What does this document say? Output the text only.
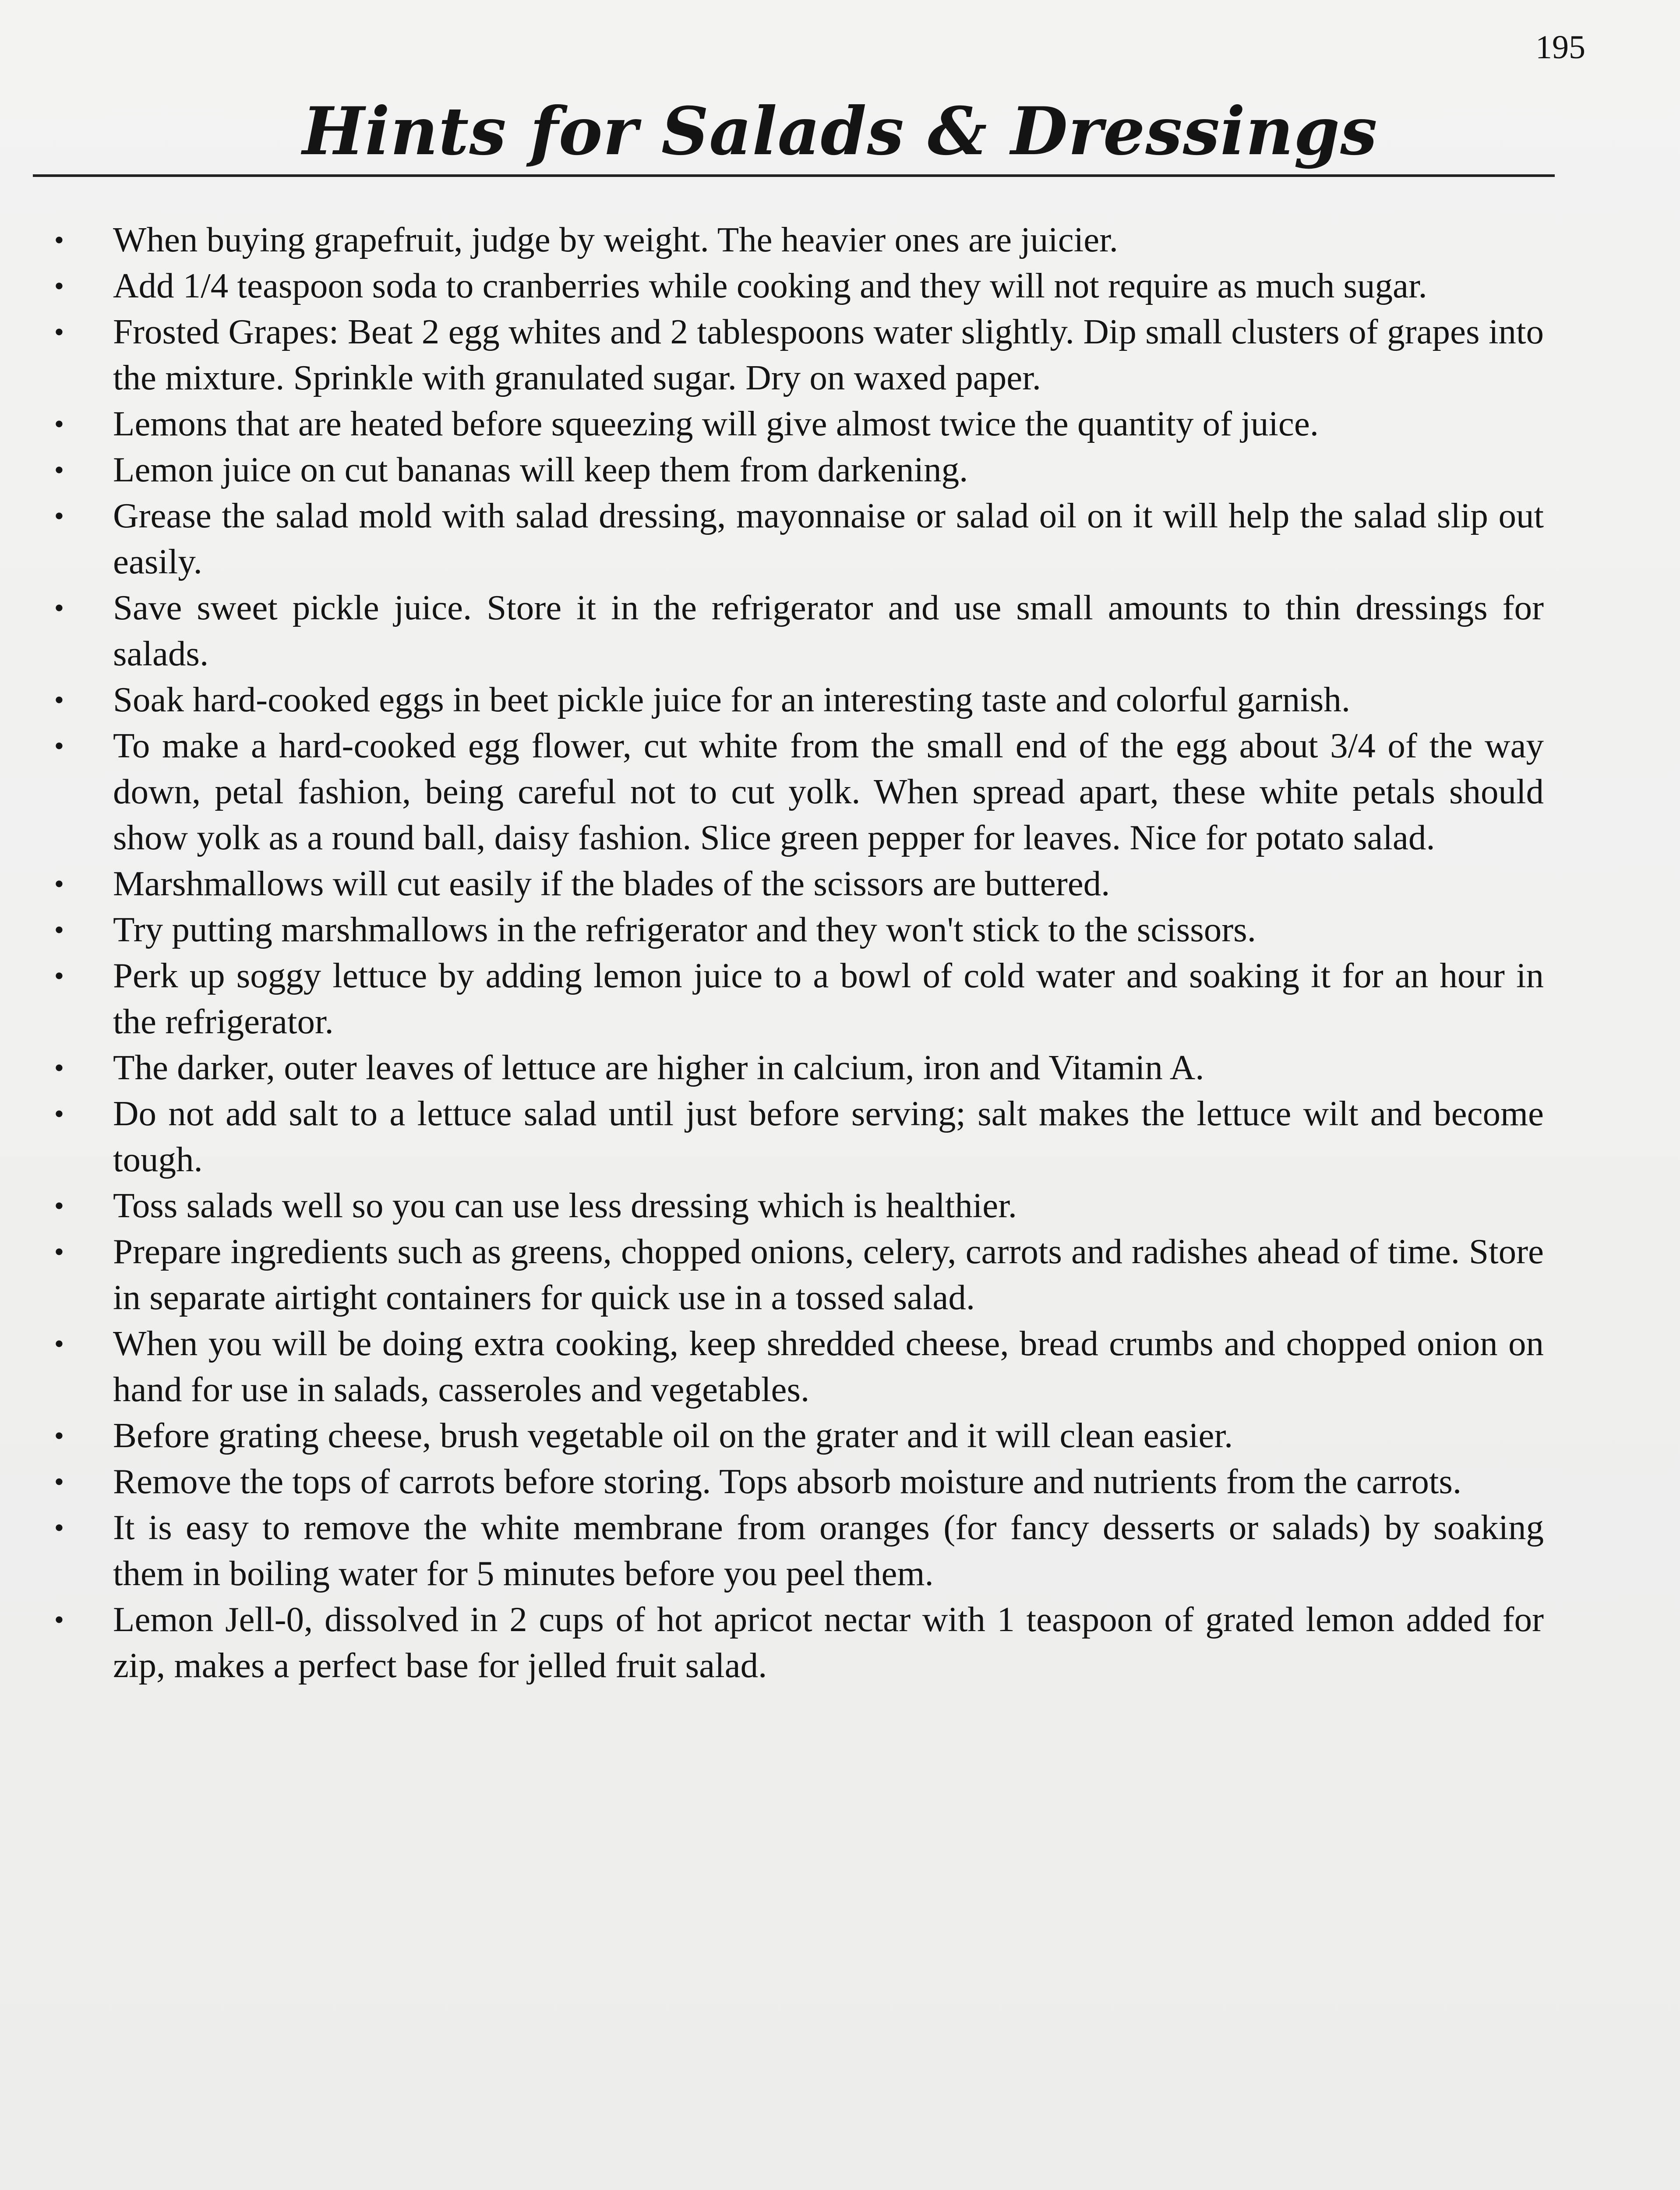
195
Hints for Salads & Dressings
• When buying grapefruit, judge by weight. The heavier ones are juicier.
• Add 1/4 teaspoon soda to cranberries while cooking and they will not require as much sugar.
• Frosted Grapes: Beat 2 egg whites and 2 tablespoons water slightly. Dip small clusters of grapes into the mixture. Sprinkle with granulated sugar. Dry on waxed paper.
• Lemons that are heated before squeezing will give almost twice the quantity of juice.
• Lemon juice on cut bananas will keep them from darkening.
• Grease the salad mold with salad dressing, mayonnaise or salad oil on it will help the salad slip out easily.
• Save sweet pickle juice. Store it in the refrigerator and use small amounts to thin dressings for salads.
• Soak hard-cooked eggs in beet pickle juice for an interesting taste and colorful garnish.
• To make a hard-cooked egg flower, cut white from the small end of the egg about 3/4 of the way down, petal fashion, being careful not to cut yolk. When spread apart, these white petals should show yolk as a round ball, daisy fashion. Slice green pepper for leaves. Nice for potato salad.
• Marshmallows will cut easily if the blades of the scissors are buttered.
• Try putting marshmallows in the refrigerator and they won't stick to the scissors.
• Perk up soggy lettuce by adding lemon juice to a bowl of cold water and soaking it for an hour in the refrigerator.
• The darker, outer leaves of lettuce are higher in calcium, iron and Vitamin A.
• Do not add salt to a lettuce salad until just before serving; salt makes the lettuce wilt and become tough.
• Toss salads well so you can use less dressing which is healthier.
• Prepare ingredients such as greens, chopped onions, celery, carrots and radishes ahead of time. Store in separate airtight containers for quick use in a tossed salad.
• When you will be doing extra cooking, keep shredded cheese, bread crumbs and chopped onion on hand for use in salads, casseroles and vegetables.
• Before grating cheese, brush vegetable oil on the grater and it will clean easier.
• Remove the tops of carrots before storing. Tops absorb moisture and nutrients from the carrots.
• It is easy to remove the white membrane from oranges (for fancy desserts or salads) by soaking them in boiling water for 5 minutes before you peel them.
• Lemon Jell-0, dissolved in 2 cups of hot apricot nectar with 1 teaspoon of grated lemon added for zip, makes a perfect base for jelled fruit salad.
